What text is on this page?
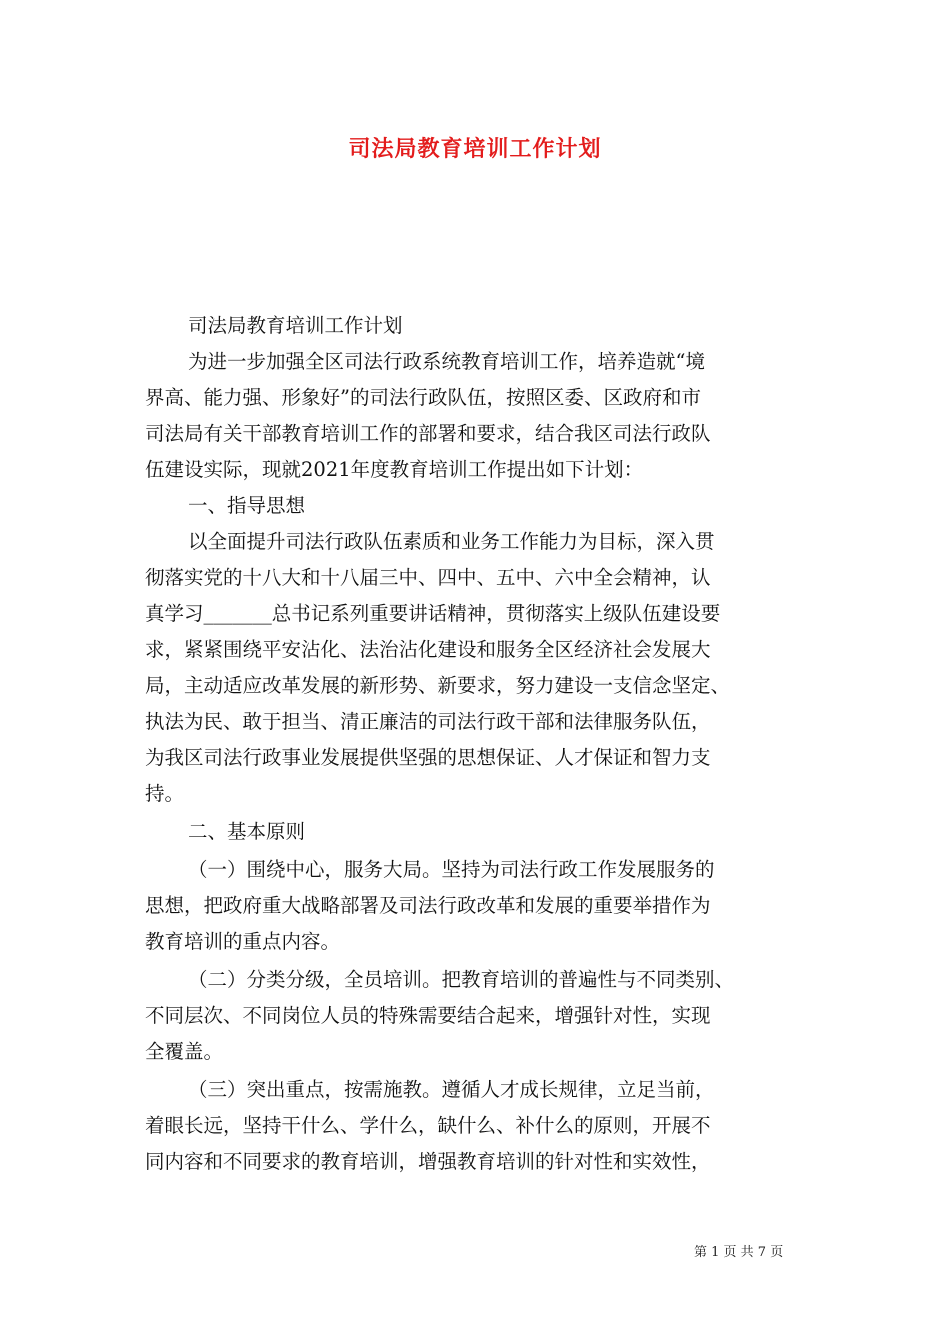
司法局教育培训工作计划
司法局教育培训工作计划
为进一步加强全区司法行政系统教育培训工作，培养造就“境
界高、能力强、形象好”的司法行政队伍，按照区委、区政府和市
司法局有关干部教育培训工作的部署和要求，结合我区司法行政队
伍建设实际，现就2021年度教育培训工作提出如下计划：
一、指导思想
以全面提升司法行政队伍素质和业务工作能力为目标，深入贯
彻落实党的十八大和十八届三中、四中、五中、六中全会精神，认
真学习_______总书记系列重要讲话精神，贯彻落实上级队伍建设要
求，紧紧围绕平安沾化、法治沾化建设和服务全区经济社会发展大
局，主动适应改革发展的新形势、新要求，努力建设一支信念坚定、
执法为民、敢于担当、清正廉洁的司法行政干部和法律服务队伍，
为我区司法行政事业发展提供坚强的思想保证、人才保证和智力支
持。
二、基本原则
（一）围绕中心，服务大局。坚持为司法行政工作发展服务的
思想，把政府重大战略部署及司法行政改革和发展的重要举措作为
教育培训的重点内容。
（二）分类分级，全员培训。把教育培训的普遍性与不同类别、
不同层次、不同岗位人员的特殊需要结合起来，增强针对性，实现
全覆盖。
（三）突出重点，按需施教。遵循人才成长规律，立足当前，
着眼长远，坚持干什么、学什么，缺什么、补什么的原则，开展不
同内容和不同要求的教育培训，增强教育培训的针对性和实效性，
第 1 页 共 7 页
